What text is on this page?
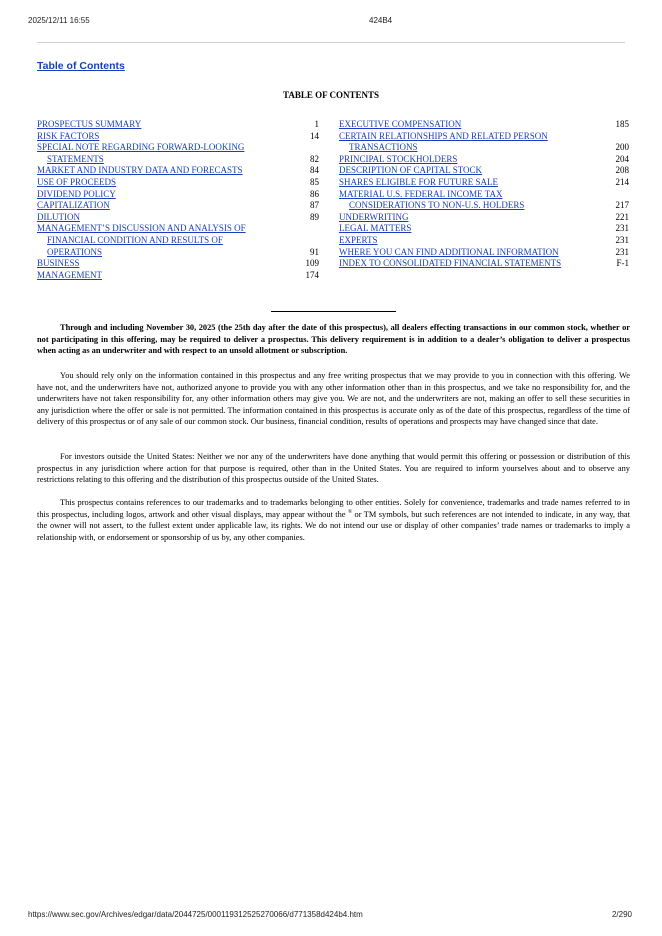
2025/12/11 16:55	424B4
Table of Contents
TABLE OF CONTENTS
PROSPECTUS SUMMARY	1
RISK FACTORS	14
SPECIAL NOTE REGARDING FORWARD-LOOKING
STATEMENTS	82
MARKET AND INDUSTRY DATA AND FORECASTS	84
USE OF PROCEEDS	85
DIVIDEND POLICY	86
CAPITALIZATION	87
DILUTION	89
MANAGEMENT’S DISCUSSION AND ANALYSIS OF
FINANCIAL CONDITION AND RESULTS OF
OPERATIONS	91
BUSINESS	109
MANAGEMENT	174
EXECUTIVE COMPENSATION	185
CERTAIN RELATIONSHIPS AND RELATED PERSON
TRANSACTIONS	200
PRINCIPAL STOCKHOLDERS	204
DESCRIPTION OF CAPITAL STOCK	208
SHARES ELIGIBLE FOR FUTURE SALE	214
MATERIAL U.S. FEDERAL INCOME TAX
CONSIDERATIONS TO NON-U.S. HOLDERS	217
UNDERWRITING	221
LEGAL MATTERS	231
EXPERTS	231
WHERE YOU CAN FIND ADDITIONAL INFORMATION	231
INDEX TO CONSOLIDATED FINANCIAL STATEMENTS	F-1

Through and including November 30, 2025 (the 25th day after the date of this prospectus), all dealers effecting transactions in our common stock, whether or not participating in this offering, may be required to deliver a prospectus. This delivery requirement is in addition to a dealer’s obligation to deliver a prospectus when acting as an underwriter and with respect to an unsold allotment or subscription.

You should rely only on the information contained in this prospectus and any free writing prospectus that we may provide to you in connection with this offering. We have not, and the underwriters have not, authorized anyone to provide you with any other information other than in this prospectus, and we take no responsibility for, and the underwriters have not taken responsibility for, any other information others may give you. We are not, and the underwriters are not, making an offer to sell these securities in any jurisdiction where the offer or sale is not permitted. The information contained in this prospectus is accurate only as of the date of this prospectus, regardless of the time of delivery of this prospectus or of any sale of our common stock. Our business, financial condition, results of operations and prospects may have changed since that date.

For investors outside the United States: Neither we nor any of the underwriters have done anything that would permit this offering or possession or distribution of this prospectus in any jurisdiction where action for that purpose is required, other than in the United States. You are required to inform yourselves about and to observe any restrictions relating to this offering and the distribution of this prospectus outside of the United States.

This prospectus contains references to our trademarks and to trademarks belonging to other entities. Solely for convenience, trademarks and trade names referred to in this prospectus, including logos, artwork and other visual displays, may appear without the ® or TM symbols, but such references are not intended to indicate, in any way, that the owner will not assert, to the fullest extent under applicable law, its rights. We do not intend our use or display of other companies’ trade names or trademarks to imply a relationship with, or endorsement or sponsorship of us by, any other companies.

https://www.sec.gov/Archives/edgar/data/2044725/000119312525270066/d771358d424b4.htm	2/290
